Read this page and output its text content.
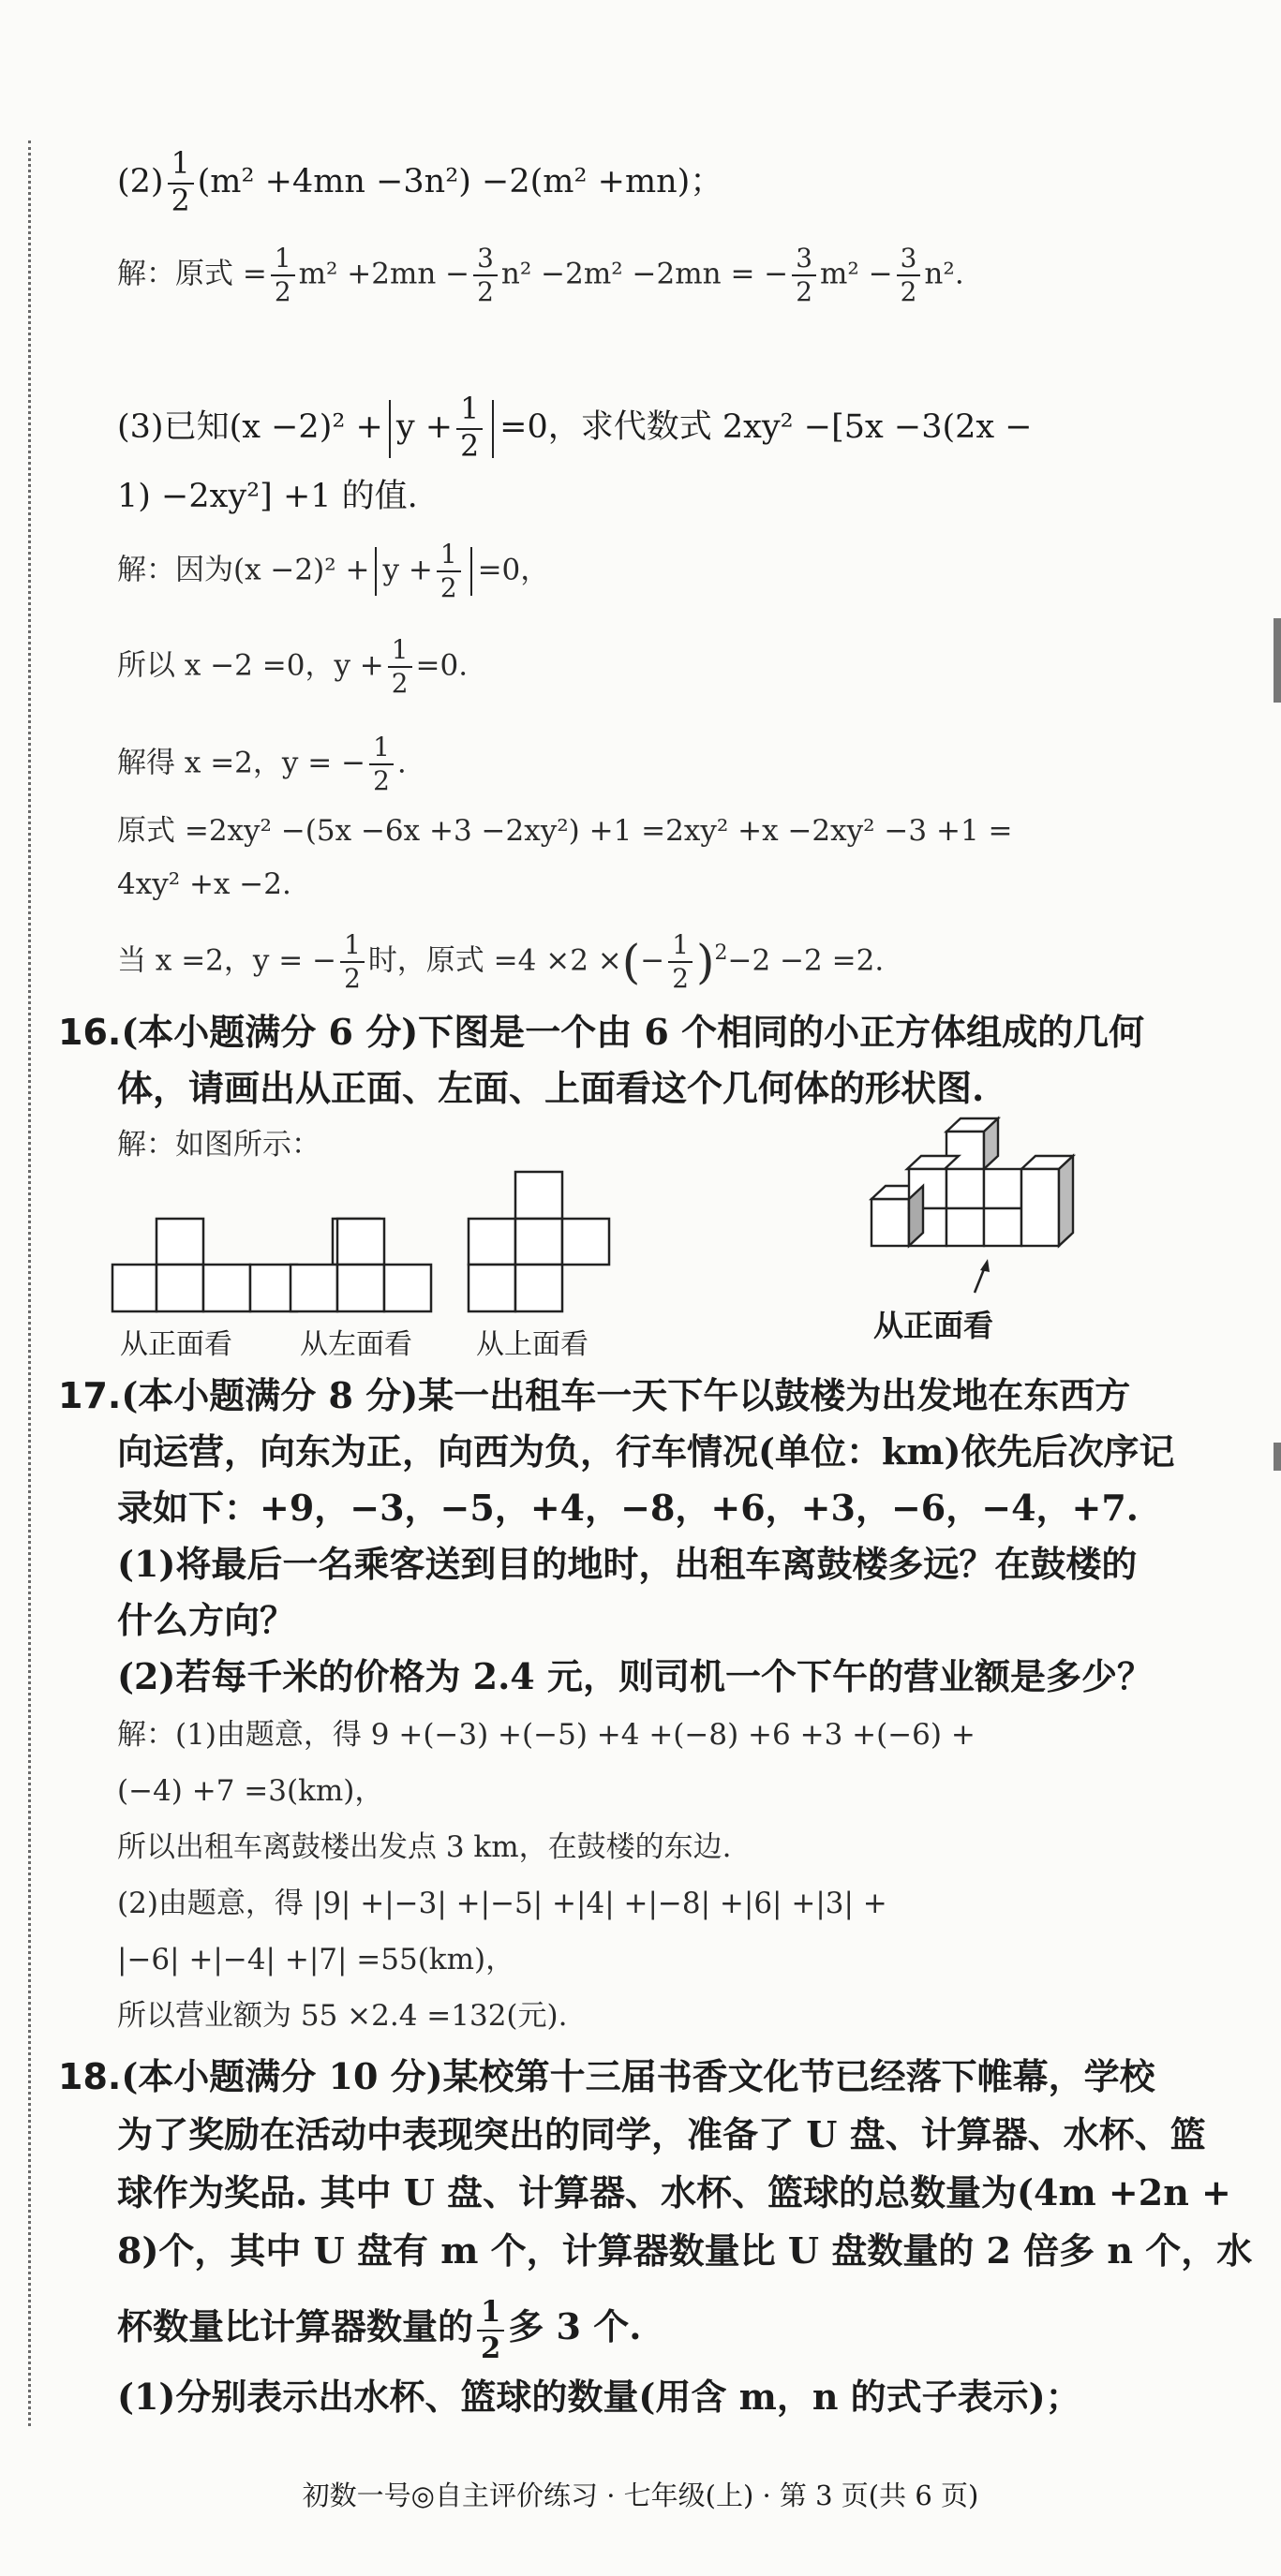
$(2) \frac{1}{2} (m^2 +4mn -3n^2) -2(m^2 +mn)$；
解：原式 = $\frac{1}{2} m^2 +2mn - \frac{3}{2} n^2 -2m^2 -2mn$ = − $\frac{3}{2} m^2 - \frac{3}{2} n^2$.
(3)已知$(x -2)^2 + y + \frac{1}{2} =0$，求代数式 2xy² −[5x −3(2x −
1) −2xy²] +1 的值.
解：因为$(x -2)^2 + y + \frac{1}{2} =0$，
所以 x −2 =0，$y + \frac{1}{2} =0$.
解得 x =2，y = − $\frac{1}{2}$ .
原式 =2xy² −(5x −6x +3 −2xy²) +1 =2xy² +x −2xy² −3 +1 =
4xy² +x −2.
当 x =2，y = − $\frac{1}{2}$ 时，原式 =4 ×2 ×(− $\frac{1}{2} )^2-2 -2 =2$.
16.(本小题满分 6 分)下图是一个由 6 个相同的小正方体组成的几何
体，请画出从正面、左面、上面看这个几何体的形状图.
解：如图所示：
从正面看 从左面看 从上面看
从正面看
17.(本小题满分 8 分)某一出租车一天下午以鼓楼为出发地在东西方
向运营，向东为正，向西为负，行车情况(单位：km)依先后次序记
录如下：+9，−3，−5，+4，−8，+6，+3，−6，−4，+7.
(1)将最后一名乘客送到目的地时，出租车离鼓楼多远？在鼓楼的
什么方向？
(2)若每千米的价格为 2.4 元，则司机一个下午的营业额是多少？
解：(1)由题意，得 9 +(−3) +(−5) +4 +(−8) +6 +3 +(−6) +
(−4) +7 =3(km)，
所以出租车离鼓楼出发点 3 km，在鼓楼的东边.
(2)由题意，得 |9| +|−3| +|−5| +|4| +|−8| +|6| +|3| +
|−6| +|−4| +|7| =55(km)，
所以营业额为 55 ×2.4 =132(元).
18.(本小题满分 10 分)某校第十三届书香文化节已经落下帷幕，学校
为了奖励在活动中表现突出的同学，准备了 U 盘、计算器、水杯、篮
球作为奖品. 其中 U 盘、计算器、水杯、篮球的总数量为(4m +2n +
8)个，其中 U 盘有 m 个，计算器数量比 U 盘数量的 2 倍多 n 个，水
杯数量比计算器数量的 $\frac{1}{2}$ 多 3 个.
(1)分别表示出水杯、篮球的数量(用含 m，n 的式子表示)；
初数一号◎自主评价练习 · 七年级(上) · 第 3 页(共 6 页)
